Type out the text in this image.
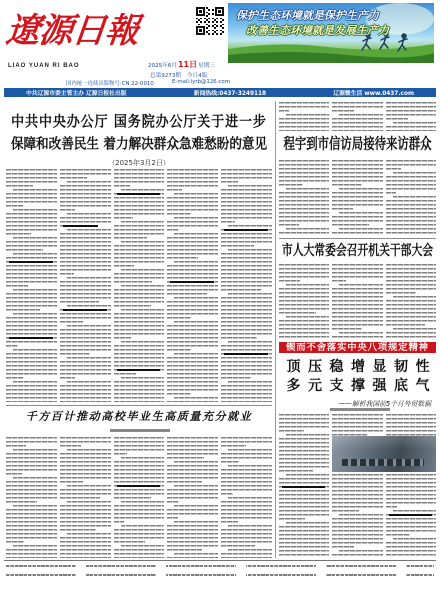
遼源日報
LIAO YUAN RI BAO	2025年6月11日星期三
总第9273期 今日4版
国内统一连续出版物号:CN 22-0010	E-mail:lyrb@126.com
保护生态环境就是保护生产力
改善生态环境就是发展生产力
中共辽源市委主管主办 辽源日报社出版	新闻热线:0437-3249118	辽源微生活 www.0437.com
中共中央办公厅 国务院办公厅关于进一步
保障和改善民生 着力解决群众急难愁盼的意见
（2025年3月2日）
千方百计推动高校毕业生高质量充分就业
程宇到市信访局接待来访群众
市人大常委会召开机关干部大会
锲而不舍落实中央八项规定精神
顶压稳增显韧性
多元支撑强底气
——解析我国前5个月外贸数据
